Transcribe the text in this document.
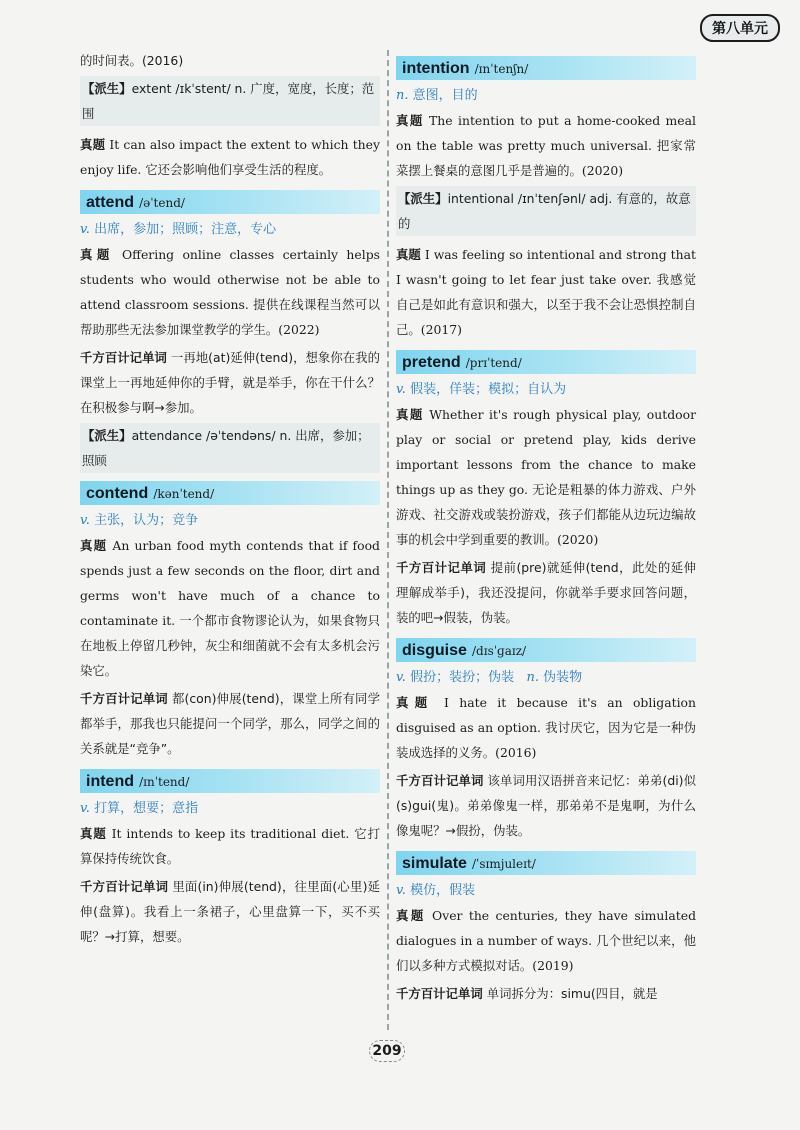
第八单元

的时间表。(2016)

【派生】extent /ɪkˈstent/ n. 广度，宽度，长度；范围

真题 It can also impact the extent to which they enjoy life. 它还会影响他们享受生活的程度。

attend /əˈtend/
v. 出席，参加；照顾；注意，专心

真题 Offering online classes certainly helps students who would otherwise not be able to attend classroom sessions. 提供在线课程当然可以帮助那些无法参加课堂教学的学生。(2022)

千方百计记单词 一再地(at)延伸(tend)，想象你在我的课堂上一再地延伸你的手臂，就是举手，你在干什么？在积极参与啊→参加。

【派生】attendance /əˈtendəns/ n. 出席，参加；照顾
contend /kənˈtend/
v. 主张，认为；竞争

真题 An urban food myth contends that if food spends just a few seconds on the floor, dirt and germs won't have much of a chance to contaminate it. 一个都市食物谬论认为，如果食物只在地板上停留几秒钟，灰尘和细菌就不会有太多机会污染它。

千方百计记单词 都(con)伸展(tend)，课堂上所有同学都举手，那我也只能提问一个同学，那么，同学之间的关系就是“竞争”。

intend /ɪnˈtend/
v. 打算，想要；意指

真题 It intends to keep its traditional diet. 它打算保持传统饮食。

千方百计记单词 里面(in)伸展(tend)，往里面(心里)延伸(盘算)。我看上一条裙子，心里盘算一下，买不买呢？→打算，想要。

intention /ɪnˈtenʃn/
n. 意图，目的

真题 The intention to put a home-cooked meal on the table was pretty much universal. 把家常菜摆上餐桌的意图几乎是普遍的。(2020)

【派生】intentional /ɪnˈtenʃənl/ adj. 有意的，故意的

真题 I was feeling so intentional and strong that I wasn't going to let fear just take over. 我感觉自己是如此有意识和强大，以至于我不会让恐惧控制自己。(2017)

pretend /prɪˈtend/
v. 假装，佯装；模拟；自认为

真题 Whether it's rough physical play, outdoor play or social or pretend play, kids derive important lessons from the chance to make things up as they go. 无论是粗暴的体力游戏、户外游戏、社交游戏或装扮游戏，孩子们都能从边玩边编故事的机会中学到重要的教训。(2020)

千方百计记单词 提前(pre)就延伸(tend，此处的延伸理解成举手)，我还没提问，你就举手要求回答问题，装的吧→假装，伪装。

disguise /dɪsˈɡaɪz/
v. 假扮；装扮；伪装 n. 伪装物

真题 I hate it because it's an obligation disguised as an option. 我讨厌它，因为它是一种伪装成选择的义务。(2016)

千方百计记单词 该单词用汉语拼音来记忆：弟弟(di)似(s)gui(鬼)。弟弟像鬼一样，那弟弟不是鬼啊，为什么像鬼呢？→假扮，伪装。

simulate /ˈsɪmjuleɪt/
v. 模仿，假装

真题 Over the centuries, they have simulated dialogues in a number of ways. 几个世纪以来，他们以多种方式模拟对话。(2019)

千方百计记单词 单词拆分为：simu(四目，就是

209
